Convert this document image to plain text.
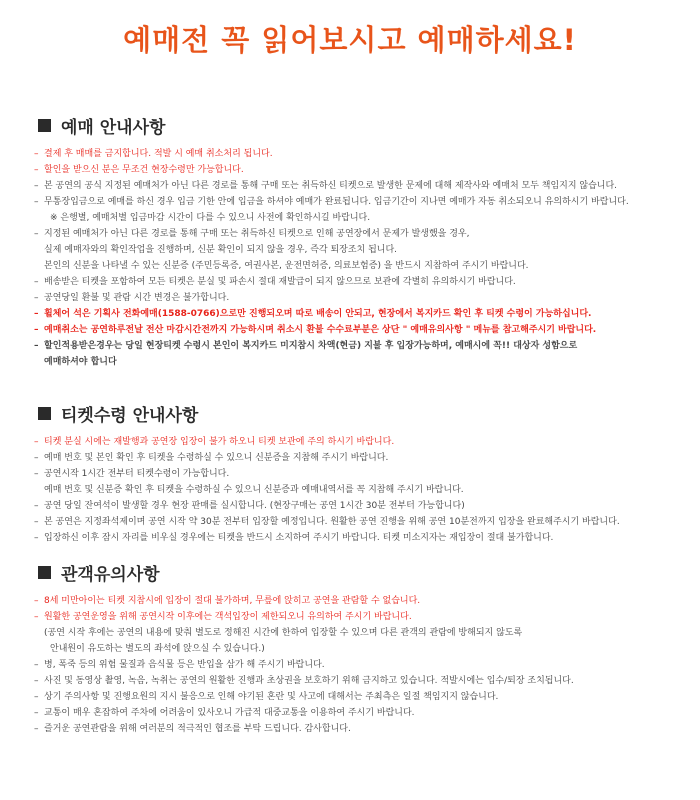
예매전 꼭 읽어보시고 예매하세요!
예매 안내사항
– 결제 후 매매를 금지합니다. 적발 시 예매 취소처리 됩니다.
– 할인을 받으신 분은 무조건 현장수령만 가능합니다.
– 본 공연의 공식 지정된 예매처가 아닌 다른 경로를 통해 구매 또는 취득하신 티켓으로 발생한 문제에 대해 제작사와 예매처 모두 책임지지 않습니다.
– 무통장입금으로 예매를 하신 경우 입금 기한 안에 입금을 하셔야 예매가 완료됩니다. 입금기간이 지나면 예매가 자동 취소되오니 유의하시기 바랍니다.
※ 은행별, 예매처별 입금마감 시간이 다를 수 있으니 사전에 확인하시길 바랍니다.
– 지정된 예매처가 아닌 다른 경로를 통해 구매 또는 취득하신 티켓으로 인해 공연장에서 문제가 발생했을 경우,
실제 예매자와의 확인작업을 진행하며, 신분 확인이 되지 않을 경우, 즉각 퇴장조치 됩니다.
본인의 신분을 나타낼 수 있는 신분증 (주민등록증, 여권사본, 운전면허증, 의료보험증) 을 반드시 지참하여 주시기 바랍니다.
– 배송받은 티켓을 포함하여 모든 티켓은 분실 및 파손시 절대 재발급이 되지 않으므로 보관에 각별히 유의하시기 바랍니다.
– 공연당일 환불 및 관람 시간 변경은 불가합니다.
– 휠체어 석은 기획사 전화예매(1588-0766)으로만 진행되오며 따로 배송이 안되고, 현장에서 복지카드 확인 후 티켓 수령이 가능하십니다.
– 예매취소는 공연하루전날 전산 마감시간전까지 가능하시며 취소시 환불 수수료부분은 상단 " 예매유의사항 " 메뉴를 참고해주시기 바랍니다.
– 할인적용받은경우는 당일 현장티켓 수령시 본인이 복지카드 미지참시 차액(현금) 지불 후 입장가능하며, 예매시에 꼭!! 대상자 성함으로
예매하셔야 합니다
티켓수령 안내사항
– 티켓 분실 시에는 재발행과 공연장 입장이 불가 하오니 티켓 보관에 주의 하시기 바랍니다.
– 예매 번호 및 본인 확인 후 티켓을 수령하실 수 있으니 신분증을 지참해 주시기 바랍니다.
– 공연시작 1시간 전부터 티켓수령이 가능합니다.
예매 번호 및 신분증 확인 후 티켓을 수령하실 수 있으니 신분증과 예매내역서를 꼭 지참해 주시기 바랍니다.
– 공연 당일 잔여석이 발생할 경우 현장 판매를 실시합니다. (현장구매는 공연 1시간 30분 전부터 가능합니다)
– 본 공연은 지정좌석제이며 공연 시작 약 30분 전부터 입장할 예정입니다. 원활한 공연 진행을 위해 공연 10분전까지 입장을 완료해주시기 바랍니다.
– 입장하신 이후 잠시 자리를 비우실 경우에는 티켓을 반드시 소지하여 주시기 바랍니다. 티켓 미소지자는 재입장이 절대 불가합니다.
관객유의사항
– 8세 미만아이는 티켓 지참시에 입장이 절대 불가하며, 무릎에 앉히고 공연을 관람할 수 없습니다.
– 원활한 공연운영을 위해 공연시작 이후에는 객석입장이 제한되오니 유의하여 주시기 바랍니다.
(공연 시작 후에는 공연의 내용에 맞춰 별도로 정해진 시간에 한하여 입장할 수 있으며 다른 관객의 관람에 방해되지 않도록
안내원이 유도하는 별도의 좌석에 앉으실 수 있습니다.)
– 병, 폭죽 등의 위험 물질과 음식물 등은 반입을 삼가 해 주시기 바랍니다.
– 사진 및 동영상 촬영, 녹음, 녹취는 공연의 원활한 진행과 초상권을 보호하기 위해 금지하고 있습니다. 적발시에는 입수/퇴장 조치됩니다.
– 상기 주의사항 및 진행요원의 지시 불응으로 인해 야기된 혼란 및 사고에 대해서는 주최측은 일절 책임지지 않습니다.
– 교통이 매우 혼잡하여 주차에 어려움이 있사오니 가급적 대중교통을 이용하여 주시기 바랍니다.
– 즐거운 공연관람을 위해 여러분의 적극적인 협조를 부탁 드립니다. 감사합니다.
